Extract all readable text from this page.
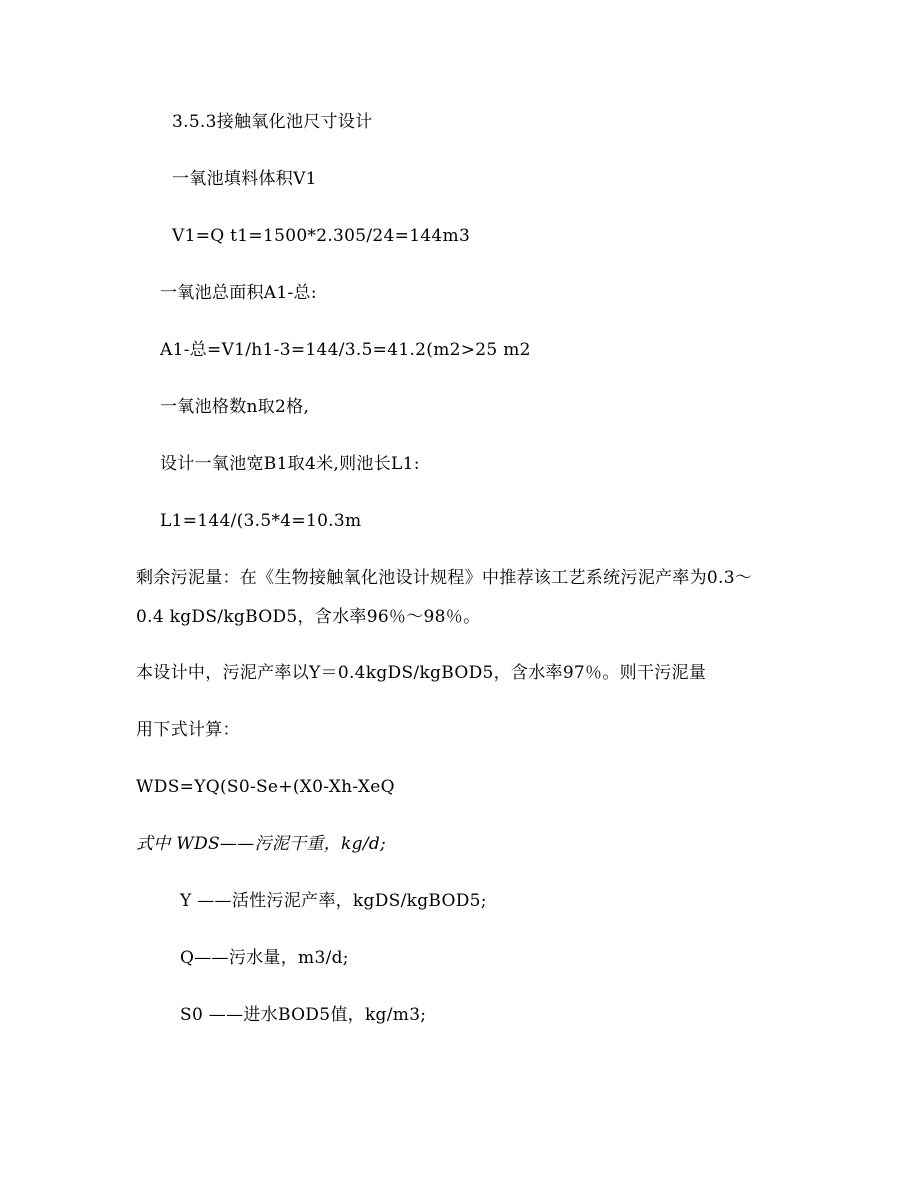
3.5.3接触氧化池尺寸设计
一氧池填料体积V1
V1=Q t1=1500*2.305/24=144m3
一氧池总面积A1-总:
A1-总=V1/h1-3=144/3.5=41.2(m2>25 m2
一氧池格数n取2格,
设计一氧池宽B1取4米,则池长L1:
L1=144/(3.5*4=10.3m
剩余污泥量：在《生物接触氧化池设计规程》中推荐该工艺系统污泥产率为0.3～
0.4 kgDS/kgBOD5，含水率96％～98％。
本设计中，污泥产率以Y＝0.4kgDS/kgBOD5，含水率97％。则干污泥量
用下式计算：
WDS=YQ(S0-Se+(X0-Xh-XeQ
式中 WDS——污泥干重，kg/d;
Y ——活性污泥产率，kgDS/kgBOD5;
Q——污水量，m3/d;
S0 ——进水BOD5值，kg/m3;
